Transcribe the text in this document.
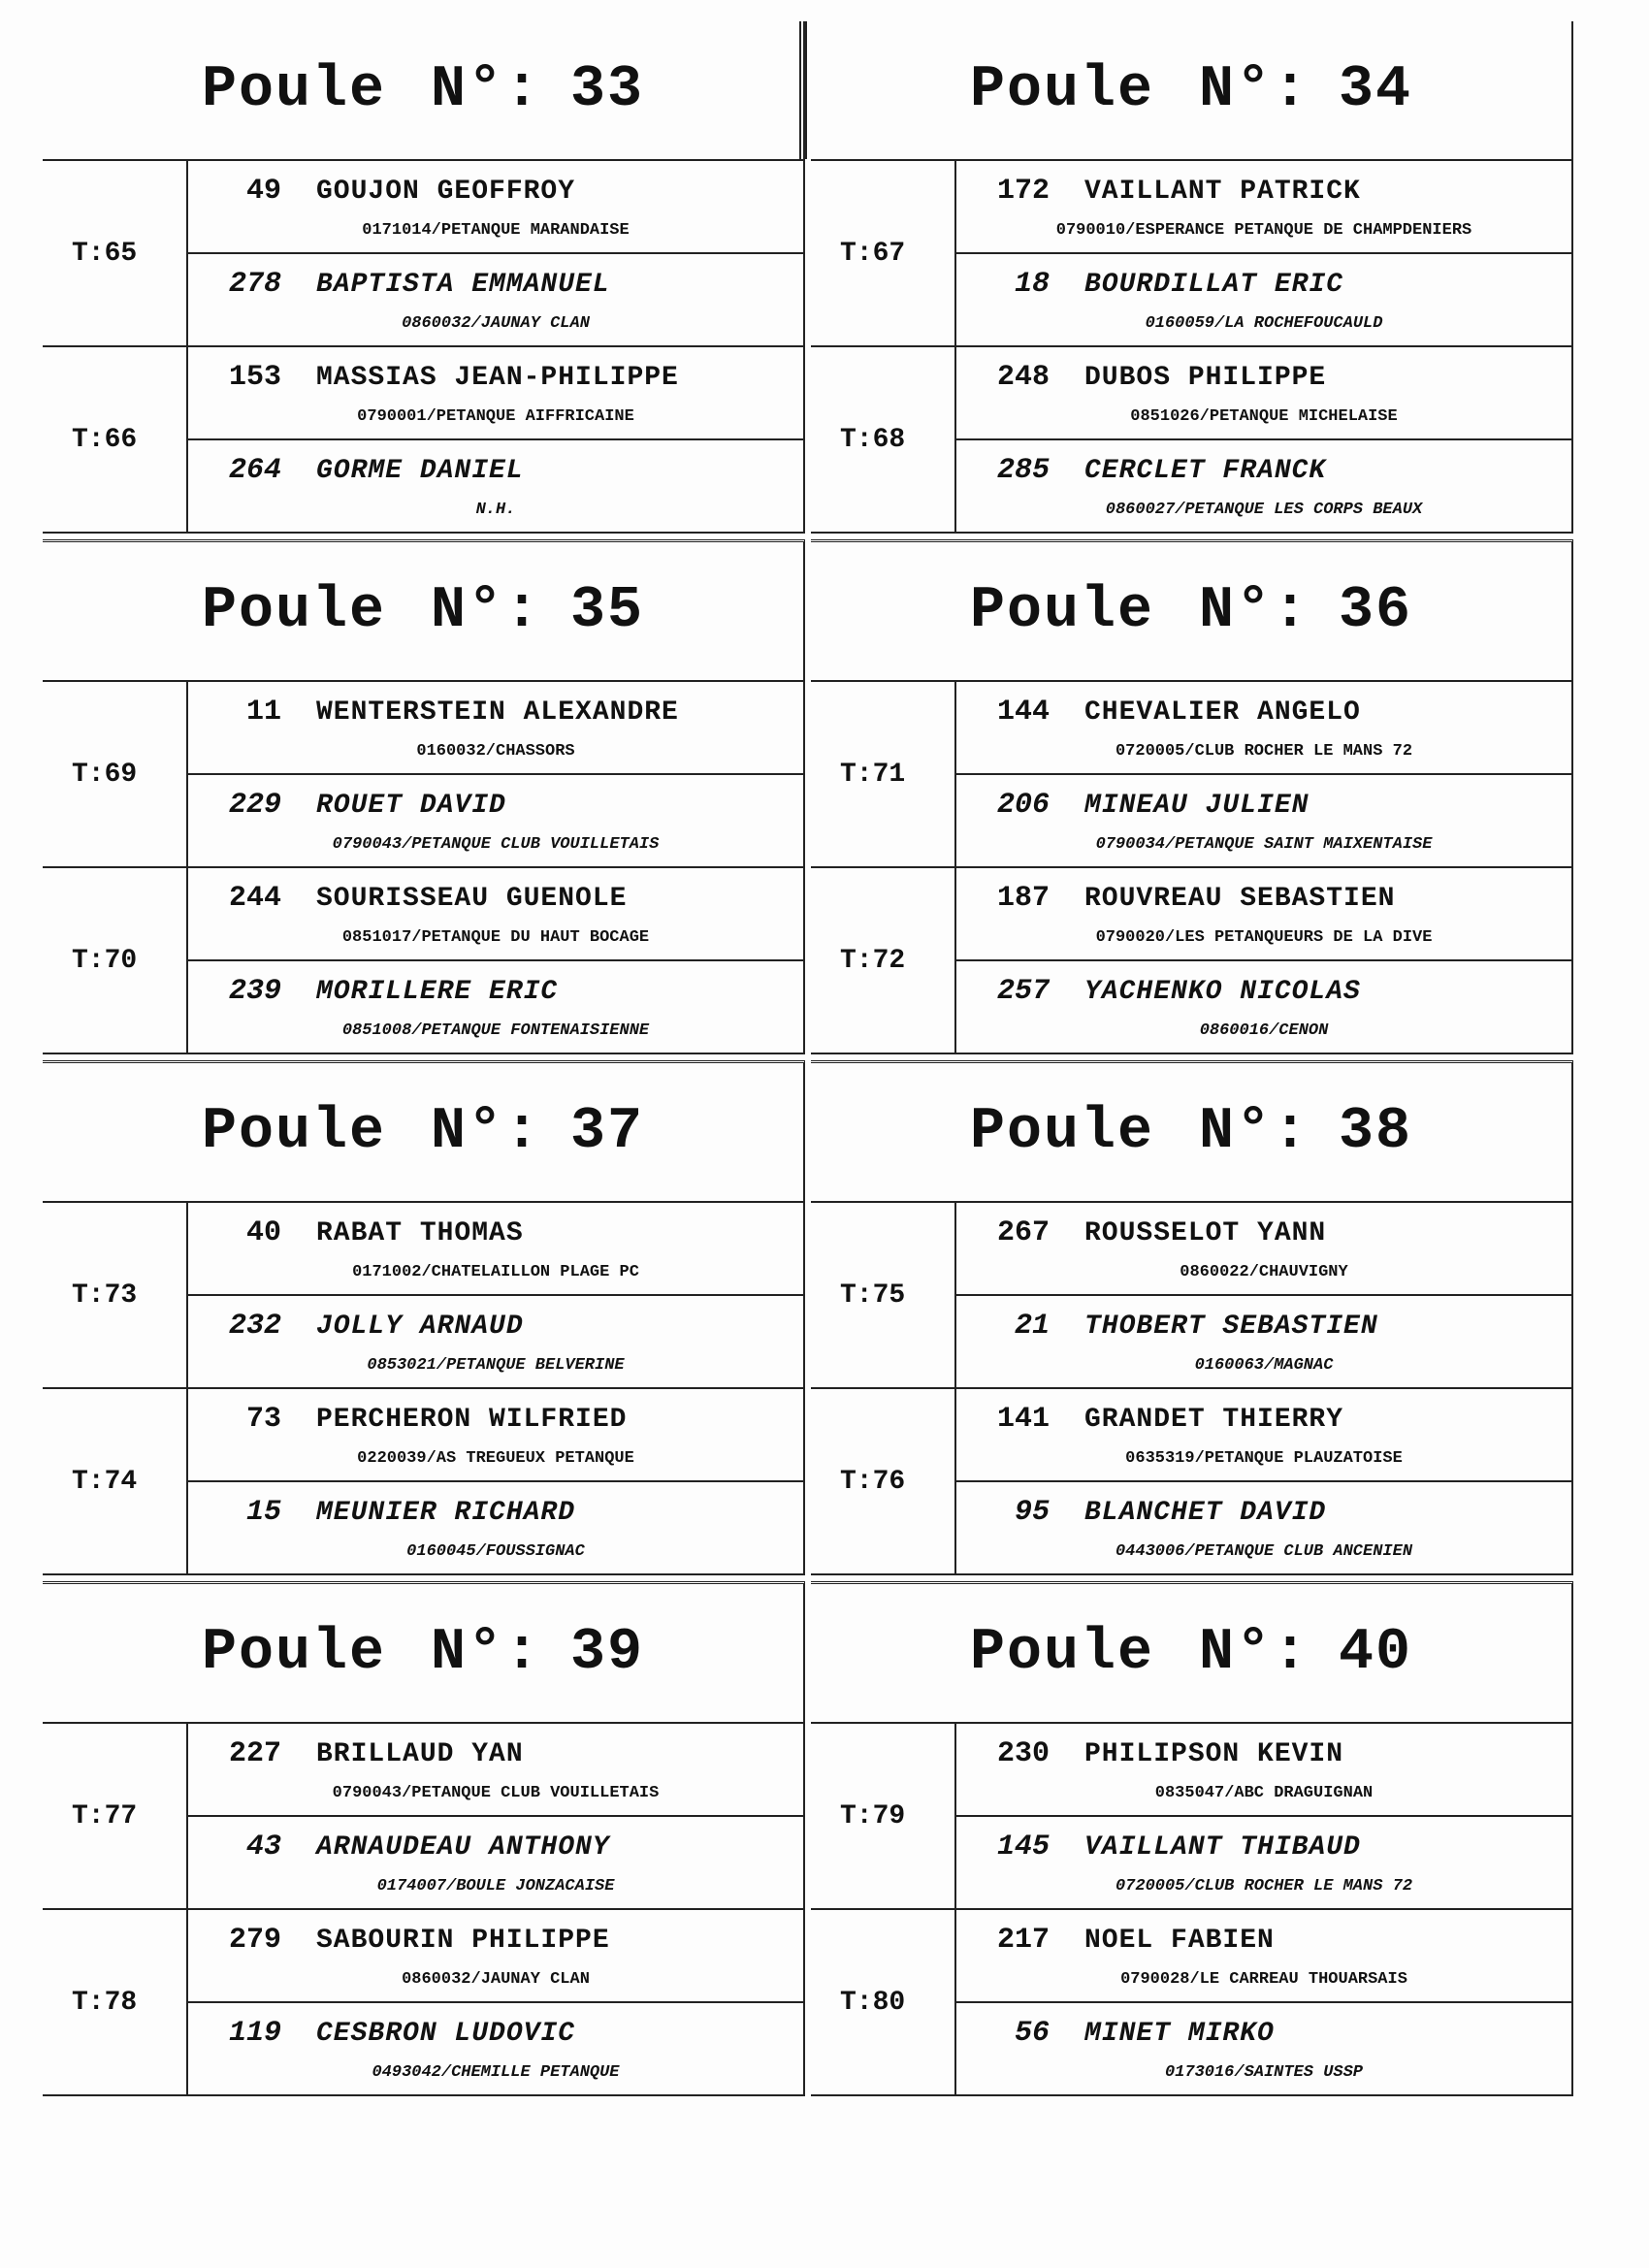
Poule N°: 33
T:65
49 GOUJON GEOFFROY
0171014/PETANQUE MARANDAISE
278 BAPTISTA EMMANUEL
0860032/JAUNAY CLAN
T:66
153 MASSIAS JEAN-PHILIPPE
0790001/PETANQUE AIFFRICAINE
264 GORME DANIEL
N.H.
Poule N°: 34
T:67
172 VAILLANT PATRICK
0790010/ESPERANCE PETANQUE DE CHAMPDENIERS
18 BOURDILLAT ERIC
0160059/LA ROCHEFOUCAULD
T:68
248 DUBOS PHILIPPE
0851026/PETANQUE MICHELAISE
285 CERCLET FRANCK
0860027/PETANQUE LES CORPS BEAUX
Poule N°: 35
T:69
11 WENTERSTEIN ALEXANDRE
0160032/CHASSORS
229 ROUET DAVID
0790043/PETANQUE CLUB VOUILLETAIS
T:70
244 SOURISSEAU GUENOLE
0851017/PETANQUE DU HAUT BOCAGE
239 MORILLERE ERIC
0851008/PETANQUE FONTENAISIENNE
Poule N°: 36
T:71
144 CHEVALIER ANGELO
0720005/CLUB ROCHER LE MANS 72
206 MINEAU JULIEN
0790034/PETANQUE SAINT MAIXENTAISE
T:72
187 ROUVREAU SEBASTIEN
0790020/LES PETANQUEURS DE LA DIVE
257 YACHENKO NICOLAS
0860016/CENON
Poule N°: 37
T:73
40 RABAT THOMAS
0171002/CHATELAILLON PLAGE PC
232 JOLLY ARNAUD
0853021/PETANQUE BELVERINE
T:74
73 PERCHERON WILFRIED
0220039/AS TREGUEUX PETANQUE
15 MEUNIER RICHARD
0160045/FOUSSIGNAC
Poule N°: 38
T:75
267 ROUSSELOT YANN
0860022/CHAUVIGNY
21 THOBERT SEBASTIEN
0160063/MAGNAC
T:76
141 GRANDET THIERRY
0635319/PETANQUE PLAUZATOISE
95 BLANCHET DAVID
0443006/PETANQUE CLUB ANCENIEN
Poule N°: 39
T:77
227 BRILLAUD YAN
0790043/PETANQUE CLUB VOUILLETAIS
43 ARNAUDEAU ANTHONY
0174007/BOULE JONZACAISE
T:78
279 SABOURIN PHILIPPE
0860032/JAUNAY CLAN
119 CESBRON LUDOVIC
0493042/CHEMILLE PETANQUE
Poule N°: 40
T:79
230 PHILIPSON KEVIN
0835047/ABC DRAGUIGNAN
145 VAILLANT THIBAUD
0720005/CLUB ROCHER LE MANS 72
T:80
217 NOEL FABIEN
0790028/LE CARREAU THOUARSAIS
56 MINET MIRKO
0173016/SAINTES USSP
